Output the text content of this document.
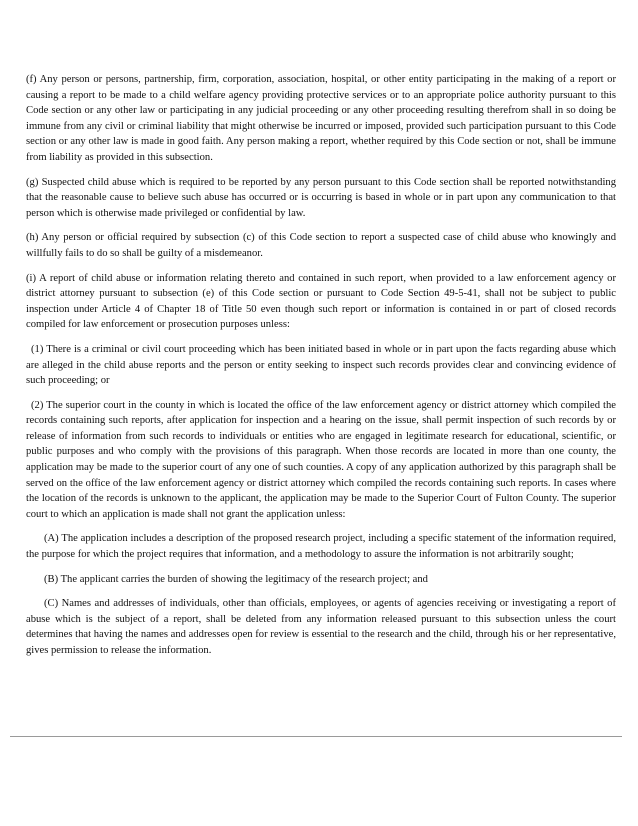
(f) Any person or persons, partnership, firm, corporation, association, hospital, or other entity participating in the making of a report or causing a report to be made to a child welfare agency providing protective services or to an appropriate police authority pursuant to this Code section or any other law or participating in any judicial proceeding or any other proceeding resulting therefrom shall in so doing be immune from any civil or criminal liability that might otherwise be incurred or imposed, provided such participation pursuant to this Code section or any other law is made in good faith. Any person making a report, whether required by this Code section or not, shall be immune from liability as provided in this subsection.

(g) Suspected child abuse which is required to be reported by any person pursuant to this Code section shall be reported notwithstanding that the reasonable cause to believe such abuse has occurred or is occurring is based in whole or in part upon any communication to that person which is otherwise made privileged or confidential by law.

(h) Any person or official required by subsection (c) of this Code section to report a suspected case of child abuse who knowingly and willfully fails to do so shall be guilty of a misdemeanor.

(i) A report of child abuse or information relating thereto and contained in such report, when provided to a law enforcement agency or district attorney pursuant to subsection (e) of this Code section or pursuant to Code Section 49-5-41, shall not be subject to public inspection under Article 4 of Chapter 18 of Title 50 even though such report or information is contained in or part of closed records compiled for law enforcement or prosecution purposes unless:

(1) There is a criminal or civil court proceeding which has been initiated based in whole or in part upon the facts regarding abuse which are alleged in the child abuse reports and the person or entity seeking to inspect such records provides clear and convincing evidence of such proceeding; or

(2) The superior court in the county in which is located the office of the law enforcement agency or district attorney which compiled the records containing such reports, after application for inspection and a hearing on the issue, shall permit inspection of such records by or release of information from such records to individuals or entities who are engaged in legitimate research for educational, scientific, or public purposes and who comply with the provisions of this paragraph. When those records are located in more than one county, the application may be made to the superior court of any one of such counties. A copy of any application authorized by this paragraph shall be served on the office of the law enforcement agency or district attorney which compiled the records containing such reports. In cases where the location of the records is unknown to the applicant, the application may be made to the Superior Court of Fulton County. The superior court to which an application is made shall not grant the application unless:

(A) The application includes a description of the proposed research project, including a specific statement of the information required, the purpose for which the project requires that information, and a methodology to assure the information is not arbitrarily sought;

(B) The applicant carries the burden of showing the legitimacy of the research project; and

(C) Names and addresses of individuals, other than officials, employees, or agents of agencies receiving or investigating a report of abuse which is the subject of a report, shall be deleted from any information released pursuant to this subsection unless the court determines that having the names and addresses open for review is essential to the research and the child, through his or her representative, gives permission to release the information.
